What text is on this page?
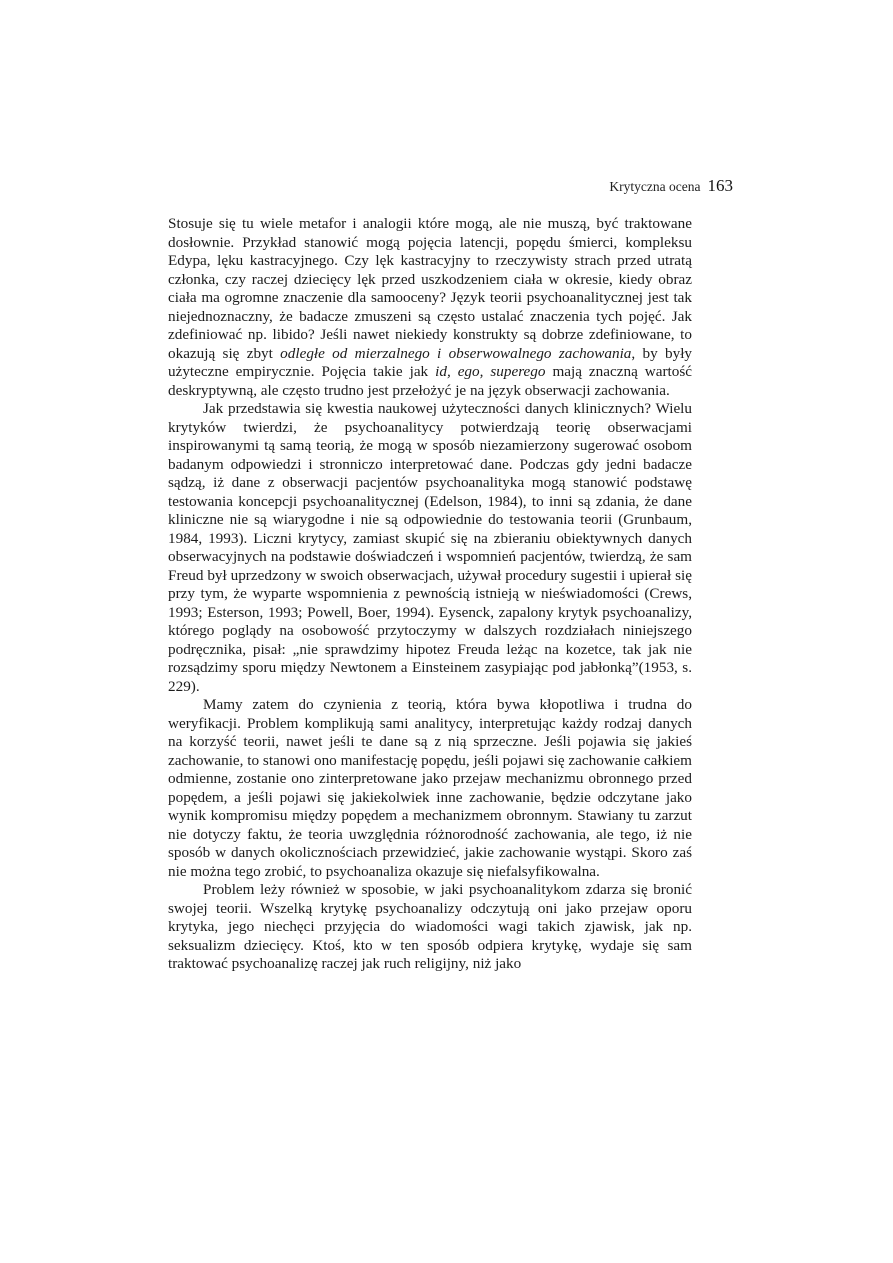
Krytyczna ocena 163

Stosuje się tu wiele metafor i analogii które mogą, ale nie muszą, być traktowane dosłownie. Przykład stanowić mogą pojęcia latencji, popędu śmierci, kompleksu Edypa, lęku kastracyjnego. Czy lęk kastracyjny to rzeczywisty strach przed utratą członka, czy raczej dziecięcy lęk przed uszkodzeniem ciała w okresie, kiedy obraz ciała ma ogromne znaczenie dla samooceny? Język teorii psychoanalitycznej jest tak niejednoznaczny, że badacze zmuszeni są często ustalać znaczenia tych pojęć. Jak zdefiniować np. libido? Jeśli nawet niekiedy konstrukty są dobrze zdefiniowane, to okazują się zbyt odległe od mierzalnego i obserwowalnego zachowania, by były użyteczne empirycznie. Pojęcia takie jak id, ego, superego mają znaczną wartość deskryptywną, ale często trudno jest przełożyć je na język obserwacji zachowania.

Jak przedstawia się kwestia naukowej użyteczności danych klinicznych? Wielu krytyków twierdzi, że psychoanalitycy potwierdzają teorię obserwacjami inspirowanymi tą samą teorią, że mogą w sposób niezamierzony sugerować osobom badanym odpowiedzi i stronniczo interpretować dane. Podczas gdy jedni badacze sądzą, iż dane z obserwacji pacjentów psychoanalityka mogą stanowić podstawę testowania koncepcji psychoanalitycznej (Edelson, 1984), to inni są zdania, że dane kliniczne nie są wiarygodne i nie są odpowiednie do testowania teorii (Grunbaum, 1984, 1993). Liczni krytycy, zamiast skupić się na zbieraniu obiektywnych danych obserwacyjnych na podstawie doświadczeń i wspomnień pacjentów, twierdzą, że sam Freud był uprzedzony w swoich obserwacjach, używał procedury sugestii i upierał się przy tym, że wyparte wspomnienia z pewnością istnieją w nieświadomości (Crews, 1993; Esterson, 1993; Powell, Boer, 1994). Eysenck, zapalony krytyk psychoanalizy, którego poglądy na osobowość przytoczymy w dalszych rozdziałach niniejszego podręcznika, pisał: „nie sprawdzimy hipotez Freuda leżąc na kozetce, tak jak nie rozsądzimy sporu między Newtonem a Einsteinem zasypiając pod jabłonką”(1953, s. 229).

Mamy zatem do czynienia z teorią, która bywa kłopotliwa i trudna do weryfikacji. Problem komplikują sami analitycy, interpretując każdy rodzaj danych na korzyść teorii, nawet jeśli te dane są z nią sprzeczne. Jeśli pojawia się jakieś zachowanie, to stanowi ono manifestację popędu, jeśli pojawi się zachowanie całkiem odmienne, zostanie ono zinterpretowane jako przejaw mechanizmu obronnego przed popędem, a jeśli pojawi się jakiekolwiek inne zachowanie, będzie odczytane jako wynik kompromisu między popędem a mechanizmem obronnym. Stawiany tu zarzut nie dotyczy faktu, że teoria uwzględnia różnorodność zachowania, ale tego, iż nie sposób w danych okolicznościach przewidzieć, jakie zachowanie wystąpi. Skoro zaś nie można tego zrobić, to psychoanaliza okazuje się niefalsyfikowalna.

Problem leży również w sposobie, w jaki psychoanalitykom zdarza się bronić swojej teorii. Wszelką krytykę psychoanalizy odczytują oni jako przejaw oporu krytyka, jego niechęci przyjęcia do wiadomości wagi takich zjawisk, jak np. seksualizm dziecięcy. Ktoś, kto w ten sposób odpiera krytykę, wydaje się sam traktować psychoanalizę raczej jak ruch religijny, niż jako
